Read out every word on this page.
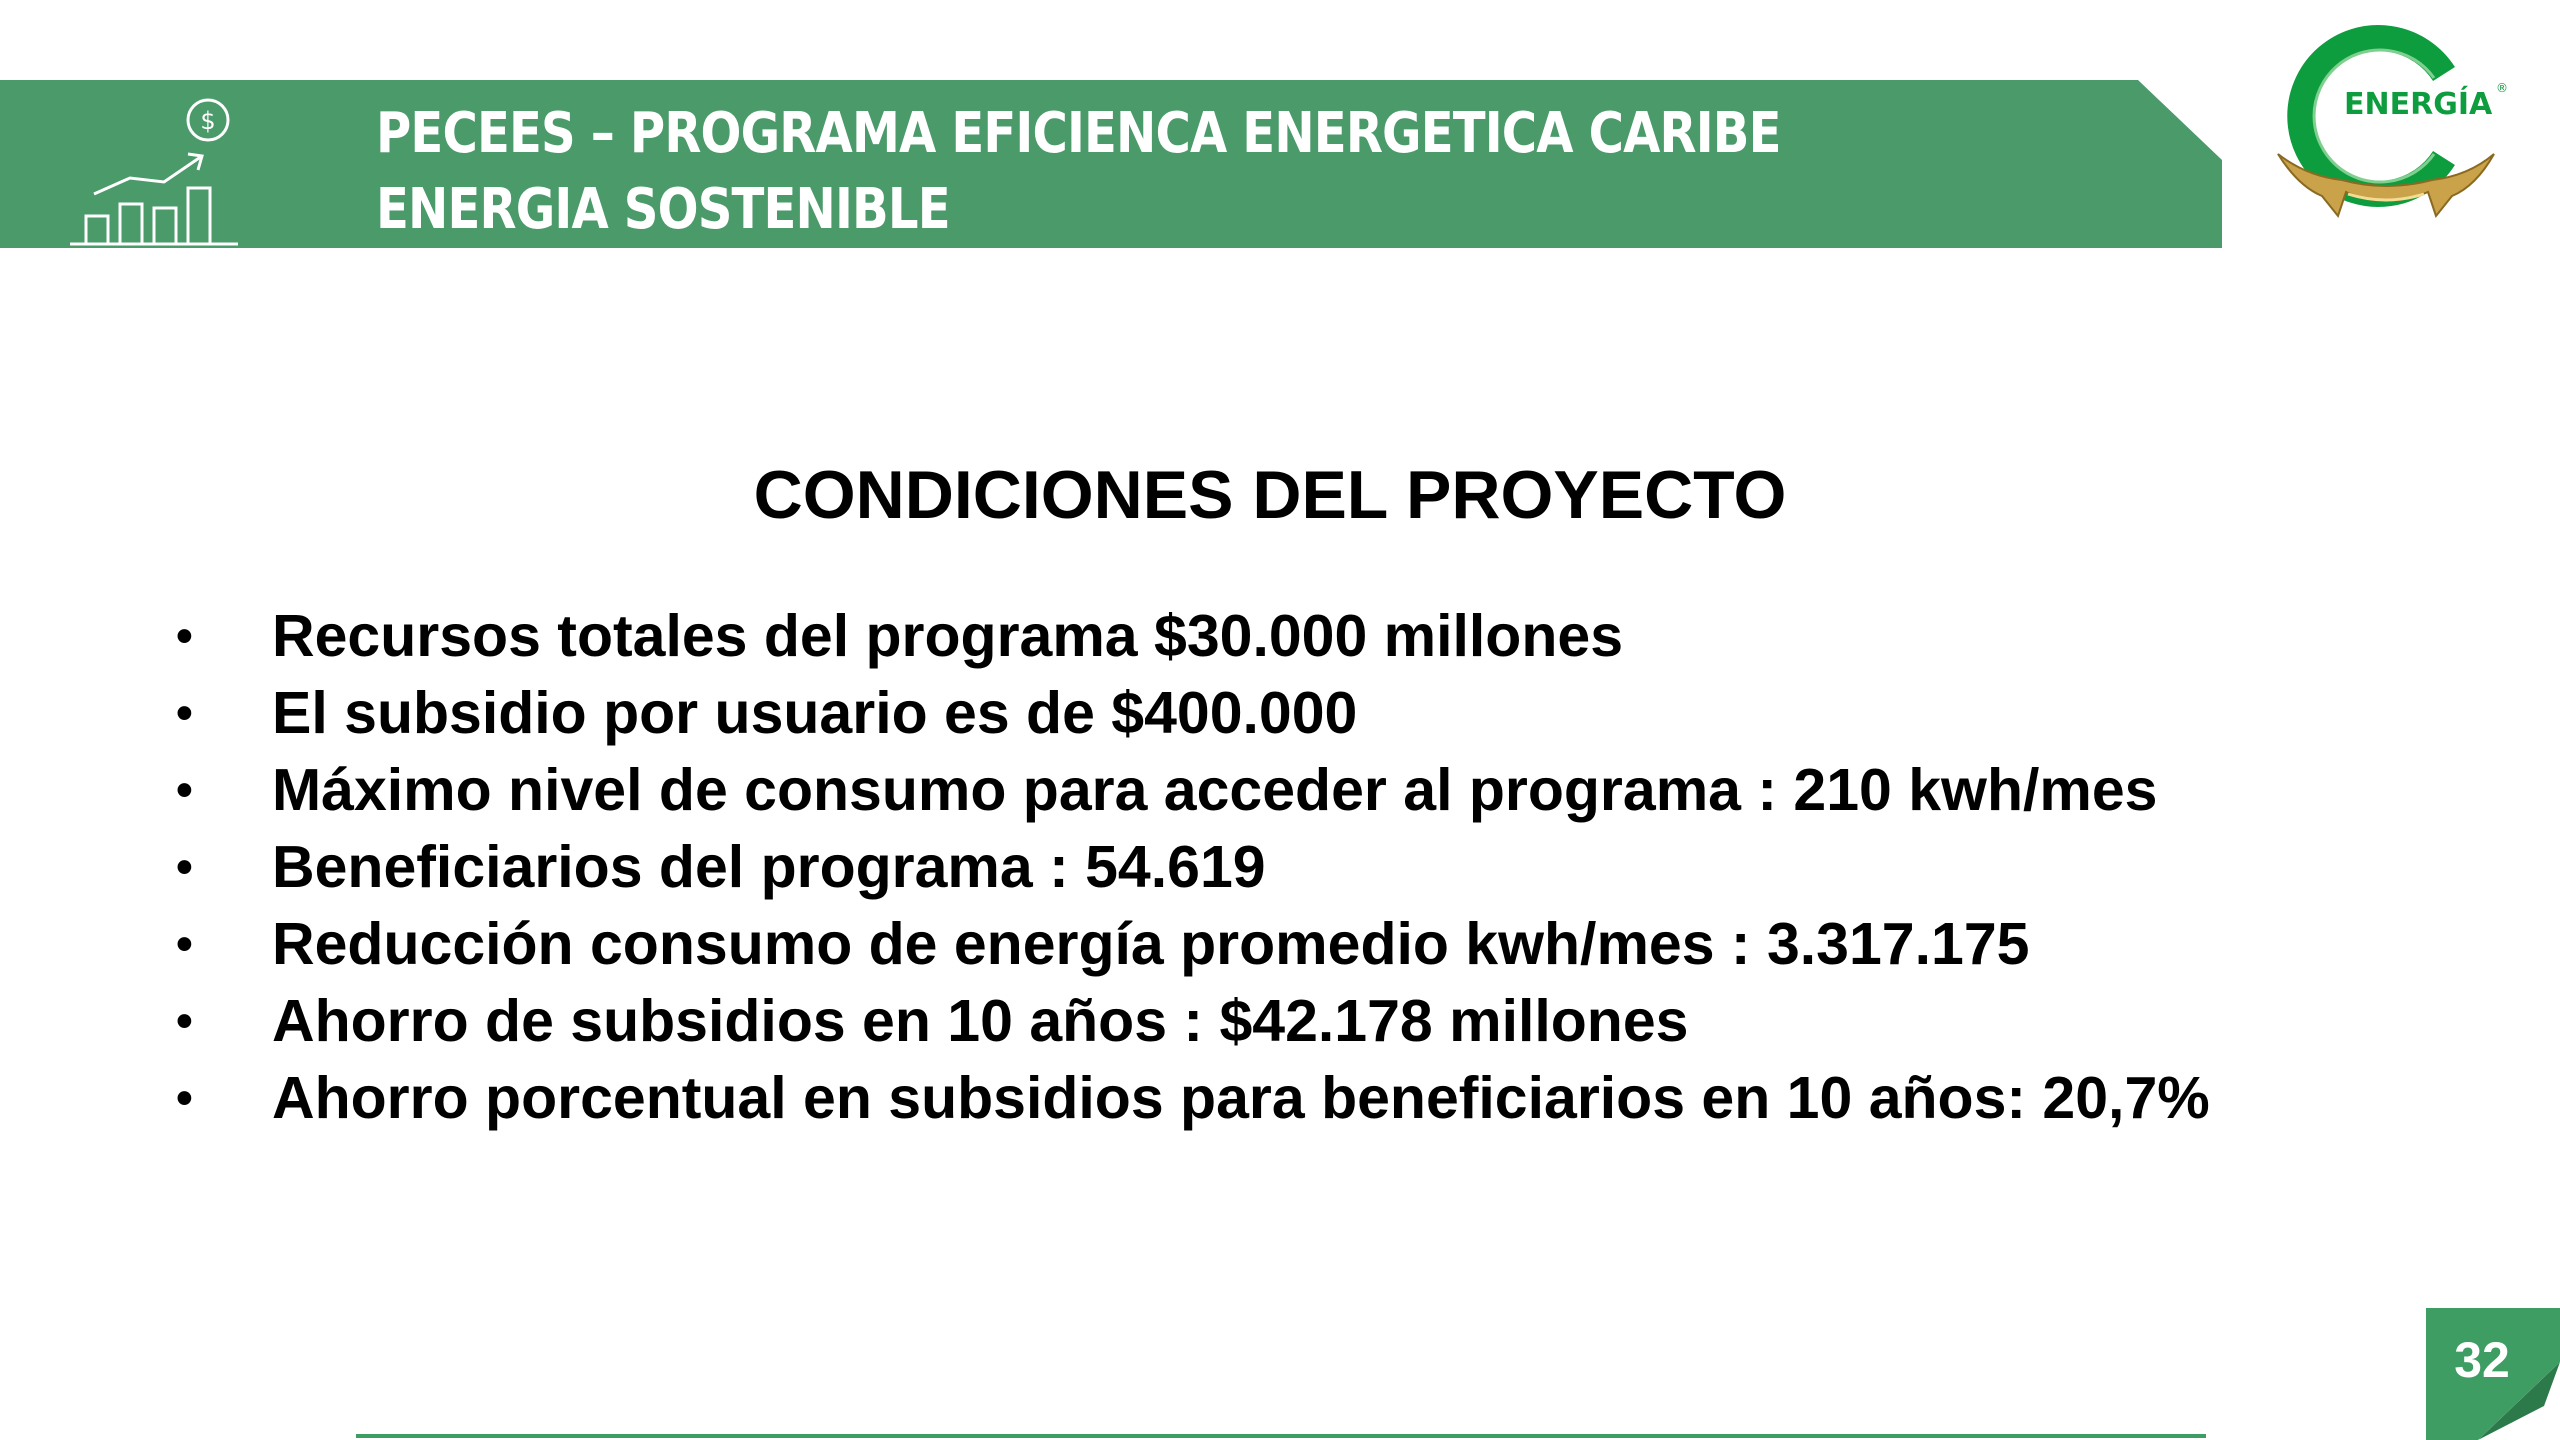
$	PECEES – PROGRAMA EFICIENCA ENERGETICA CARIBE
ENERGIA SOSTENIBLE
ENERGÍA ®
CONDICIONES DEL PROYECTO
• Recursos totales del programa $30.000 millones
• El subsidio por usuario es de $400.000
• Máximo nivel de consumo para acceder al programa : 210 kwh/mes
• Beneficiarios del programa : 54.619
• Reducción consumo de energía promedio kwh/mes : 3.317.175
• Ahorro de subsidios en 10 años : $42.178 millones
• Ahorro porcentual en subsidios para beneficiarios en 10 años: 20,7%
32
